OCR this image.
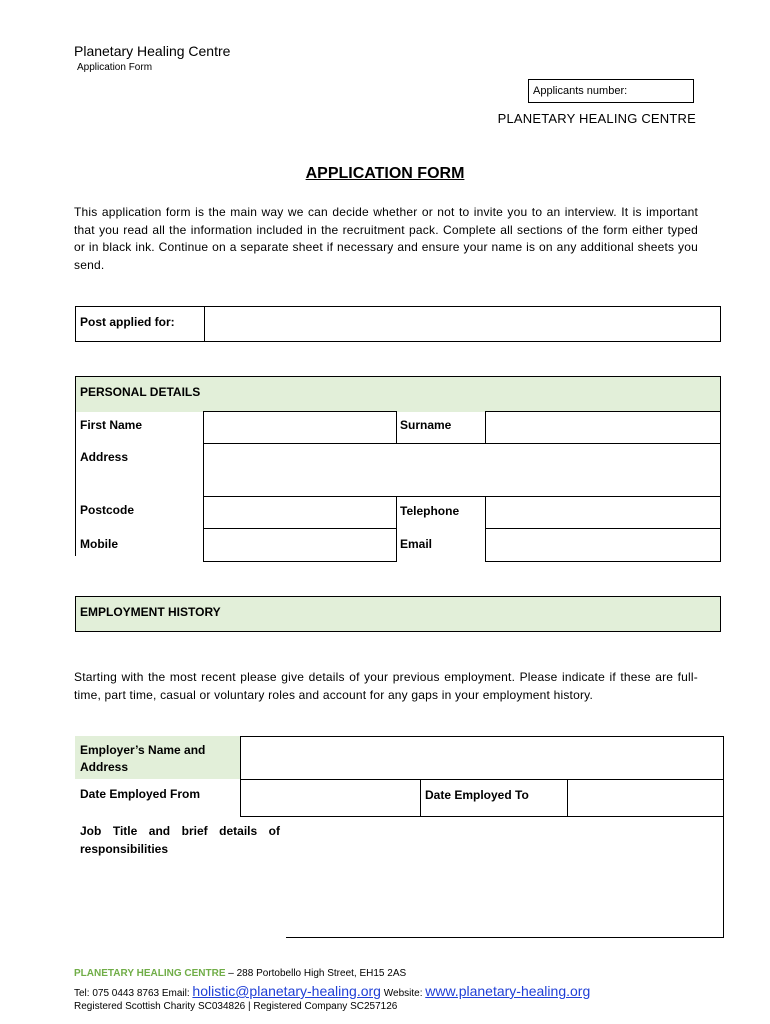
Planetary Healing Centre
Application Form
Applicants number:
PLANETARY HEALING CENTRE
APPLICATION FORM
This application form is the main way we can decide whether or not to invite you to an interview. It is important that you read all the information included in the recruitment pack. Complete all sections of the form either typed or in black ink. Continue on a separate sheet if necessary and ensure your name is on any additional sheets you send.
Post applied for:
PERSONAL DETAILS
First Name	Surname
Address
Postcode	Telephone
Mobile	Email
EMPLOYMENT HISTORY
Starting with the most recent please give details of your previous employment. Please indicate if these are full-time, part time, casual or voluntary roles and account for any gaps in your employment history.
Employer’s Name and Address
Date Employed From	Date Employed To
Job Title and brief details of responsibilities
PLANETARY HEALING CENTRE – 288 Portobello High Street, EH15 2AS
Tel: 075 0443 8763 Email: holistic@planetary-healing.org Website: www.planetary-healing.org
Registered Scottish Charity SC034826 | Registered Company SC257126
